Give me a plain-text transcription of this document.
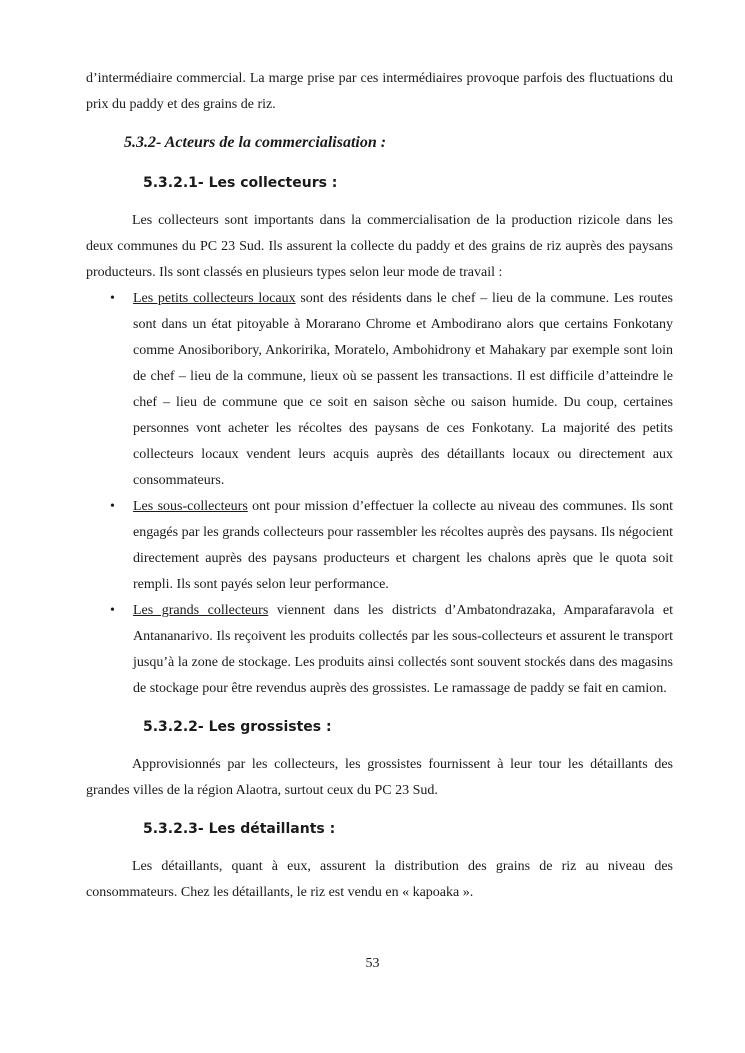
d’intermédiaire commercial. La marge prise par ces intermédiaires provoque parfois des fluctuations du prix du paddy et des grains de riz.

5.3.2- Acteurs de la commercialisation :
5.3.2.1- Les collecteurs :

Les collecteurs sont importants dans la commercialisation de la production rizicole dans les deux communes du PC 23 Sud. Ils assurent la collecte du paddy et des grains de riz auprès des paysans producteurs. Ils sont classés en plusieurs types selon leur mode de travail :

• Les petits collecteurs locaux sont des résidents dans le chef – lieu de la commune. Les routes sont dans un état pitoyable à Morarano Chrome et Ambodirano alors que certains Fonkotany comme Anosiboribory, Ankoririka, Moratelo, Ambohidrony et Mahakary par exemple sont loin de chef – lieu de la commune, lieux où se passent les transactions. Il est difficile d’atteindre le chef – lieu de commune que ce soit en saison sèche ou saison humide. Du coup, certaines personnes vont acheter les récoltes des paysans de ces Fonkotany. La majorité des petits collecteurs locaux vendent leurs acquis auprès des détaillants locaux ou directement aux consommateurs.
• Les sous-collecteurs ont pour mission d’effectuer la collecte au niveau des communes. Ils sont engagés par les grands collecteurs pour rassembler les récoltes auprès des paysans. Ils négocient directement auprès des paysans producteurs et chargent les chalons après que le quota soit rempli. Ils sont payés selon leur performance.
• Les grands collecteurs viennent dans les districts d’Ambatondrazaka, Amparafaravola et Antananarivo. Ils reçoivent les produits collectés par les sous-collecteurs et assurent le transport jusqu’à la zone de stockage. Les produits ainsi collectés sont souvent stockés dans des magasins de stockage pour être revendus auprès des grossistes. Le ramassage de paddy se fait en camion.
5.3.2.2- Les grossistes :

Approvisionnés par les collecteurs, les grossistes fournissent à leur tour les détaillants des grandes villes de la région Alaotra, surtout ceux du PC 23 Sud.

5.3.2.3- Les détaillants :

Les détaillants, quant à eux, assurent la distribution des grains de riz au niveau des consommateurs. Chez les détaillants, le riz est vendu en « kapoaka ».

53
